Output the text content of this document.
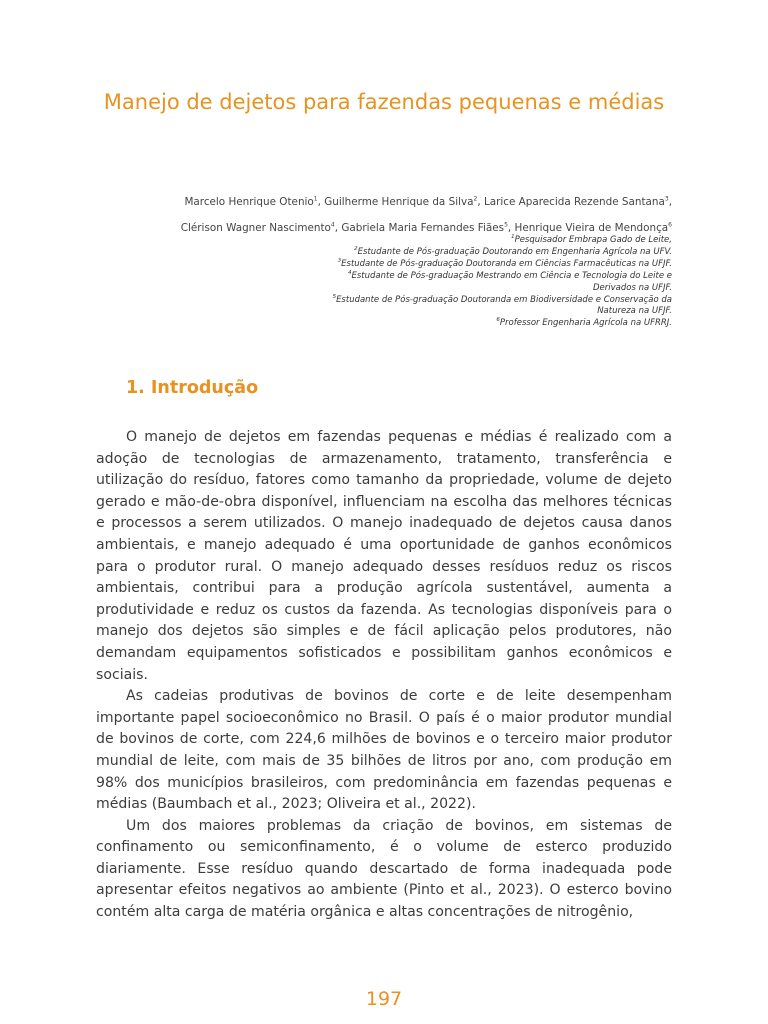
Manejo de dejetos para fazendas pequenas e médias
Marcelo Henrique Otenio$^1$, Guilherme Henrique da Silva$^2$, Larice Aparecida Rezende Santana$^3$,
Clérison Wagner Nascimento$^4$, Gabriela Maria Fernandes Fiães$^5$, Henrique Vieira de Mendonça$^6$
$^1$Pesquisador Embrapa Gado de Leite,
$^2$Estudante de Pós-graduação Doutorando em Engenharia Agrícola na UFV.
$^3$Estudante de Pós-graduação Doutoranda em Ciências Farmacêuticas na UFJF.
$^4$Estudante de Pós-graduação Mestrando em Ciência e Tecnologia do Leite e
Derivados na UFJF.
$^5$Estudante de Pós-graduação Doutoranda em Biodiversidade e Conservação da
Natureza na UFJF.
$^6$Professor Engenharia Agrícola na UFRRJ.
1. Introdução

O manejo de dejetos em fazendas pequenas e médias é realizado com a adoção de tecnologias de armazenamento, tratamento, transferência e utilização do resíduo, fatores como tamanho da propriedade, volume de dejeto gerado e mão-de-obra disponível, influenciam na escolha das melhores técnicas e processos a serem utilizados. O manejo inadequado de dejetos causa danos ambientais, e manejo adequado é uma oportunidade de ganhos econômicos para o produtor rural. O manejo adequado desses resíduos reduz os riscos ambientais, contribui para a produção agrícola sustentável, aumenta a produtividade e reduz os custos da fazenda. As tecnologias disponíveis para o manejo dos dejetos são simples e de fácil aplicação pelos produtores, não demandam equipamentos sofisticados e possibilitam ganhos econômicos e sociais.

As cadeias produtivas de bovinos de corte e de leite desempenham importante papel socioeconômico no Brasil. O país é o maior produtor mundial de bovinos de corte, com 224,6 milhões de bovinos e o terceiro maior produtor mundial de leite, com mais de 35 bilhões de litros por ano, com produção em 98% dos municípios brasileiros, com predominância em fazendas pequenas e médias (Baumbach et al., 2023; Oliveira et al., 2022).

Um dos maiores problemas da criação de bovinos, em sistemas de confinamento ou semiconfinamento, é o volume de esterco produzido diariamente. Esse resíduo quando descartado de forma inadequada pode apresentar efeitos negativos ao ambiente (Pinto et al., 2023). O esterco bovino contém alta carga de matéria orgânica e altas concentrações de nitrogênio,

197
